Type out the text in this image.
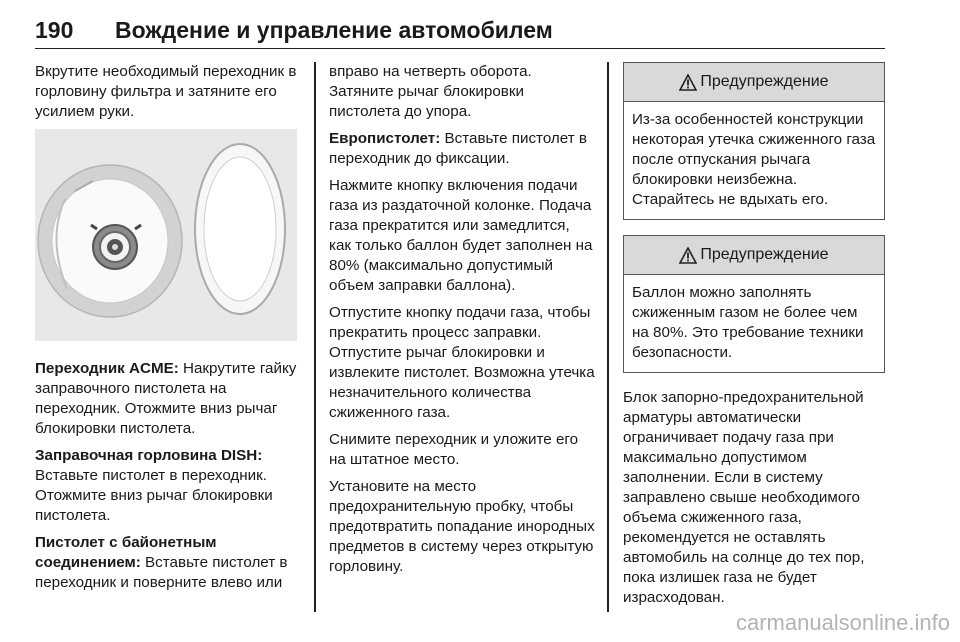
190 Вождение и управление автомобилем

Вкрутите необходимый переходник в горловину фильтра и затяните его усилием руки.

Переходник ACME: Накрутите гайку заправочного пистолета на переходник. Отожмите вниз рычаг блокировки пистолета.

Заправочная горловина DISH: Вставьте пистолет в переходник. Отожмите вниз рычаг блокировки пистолета.

Пистолет с байонетным соединением: Вставьте пистолет в переходник и поверните влево или

вправо на четверть оборота. Затяните рычаг блокировки пистолета до упора.

Европистолет: Вставьте пистолет в переходник до фиксации.

Нажмите кнопку включения подачи газа из раздаточной колонке. Подача газа прекратится или замедлится, как только баллон будет заполнен на 80% (максимально допустимый объем заправки баллона).

Отпустите кнопку подачи газа, чтобы прекратить процесс заправки. Отпустите рычаг блокировки и извлеките пистолет. Возможна утечка незначительного количества сжиженного газа.

Снимите переходник и уложите его на штатное место.

Установите на место предохранительную пробку, чтобы предотвратить попадание инородных предметов в систему через открытую горловину.

Предупреждение
Из-за особенностей конструкции некоторая утечка сжиженного газа после отпускания рычага блокировки неизбежна. Старайтесь не вдыхать его.
Предупреждение
Баллон можно заполнять сжиженным газом не более чем на 80%. Это требование техники безопасности.

Блок запорно-предохранительной арматуры автоматически ограничивает подачу газа при максимально допустимом заполнении. Если в систему заправлено свыше необходимого объема сжиженного газа, рекомендуется не оставлять автомобиль на солнце до тех пор, пока излишек газа не будет израсходован.

carmanualsonline.info
